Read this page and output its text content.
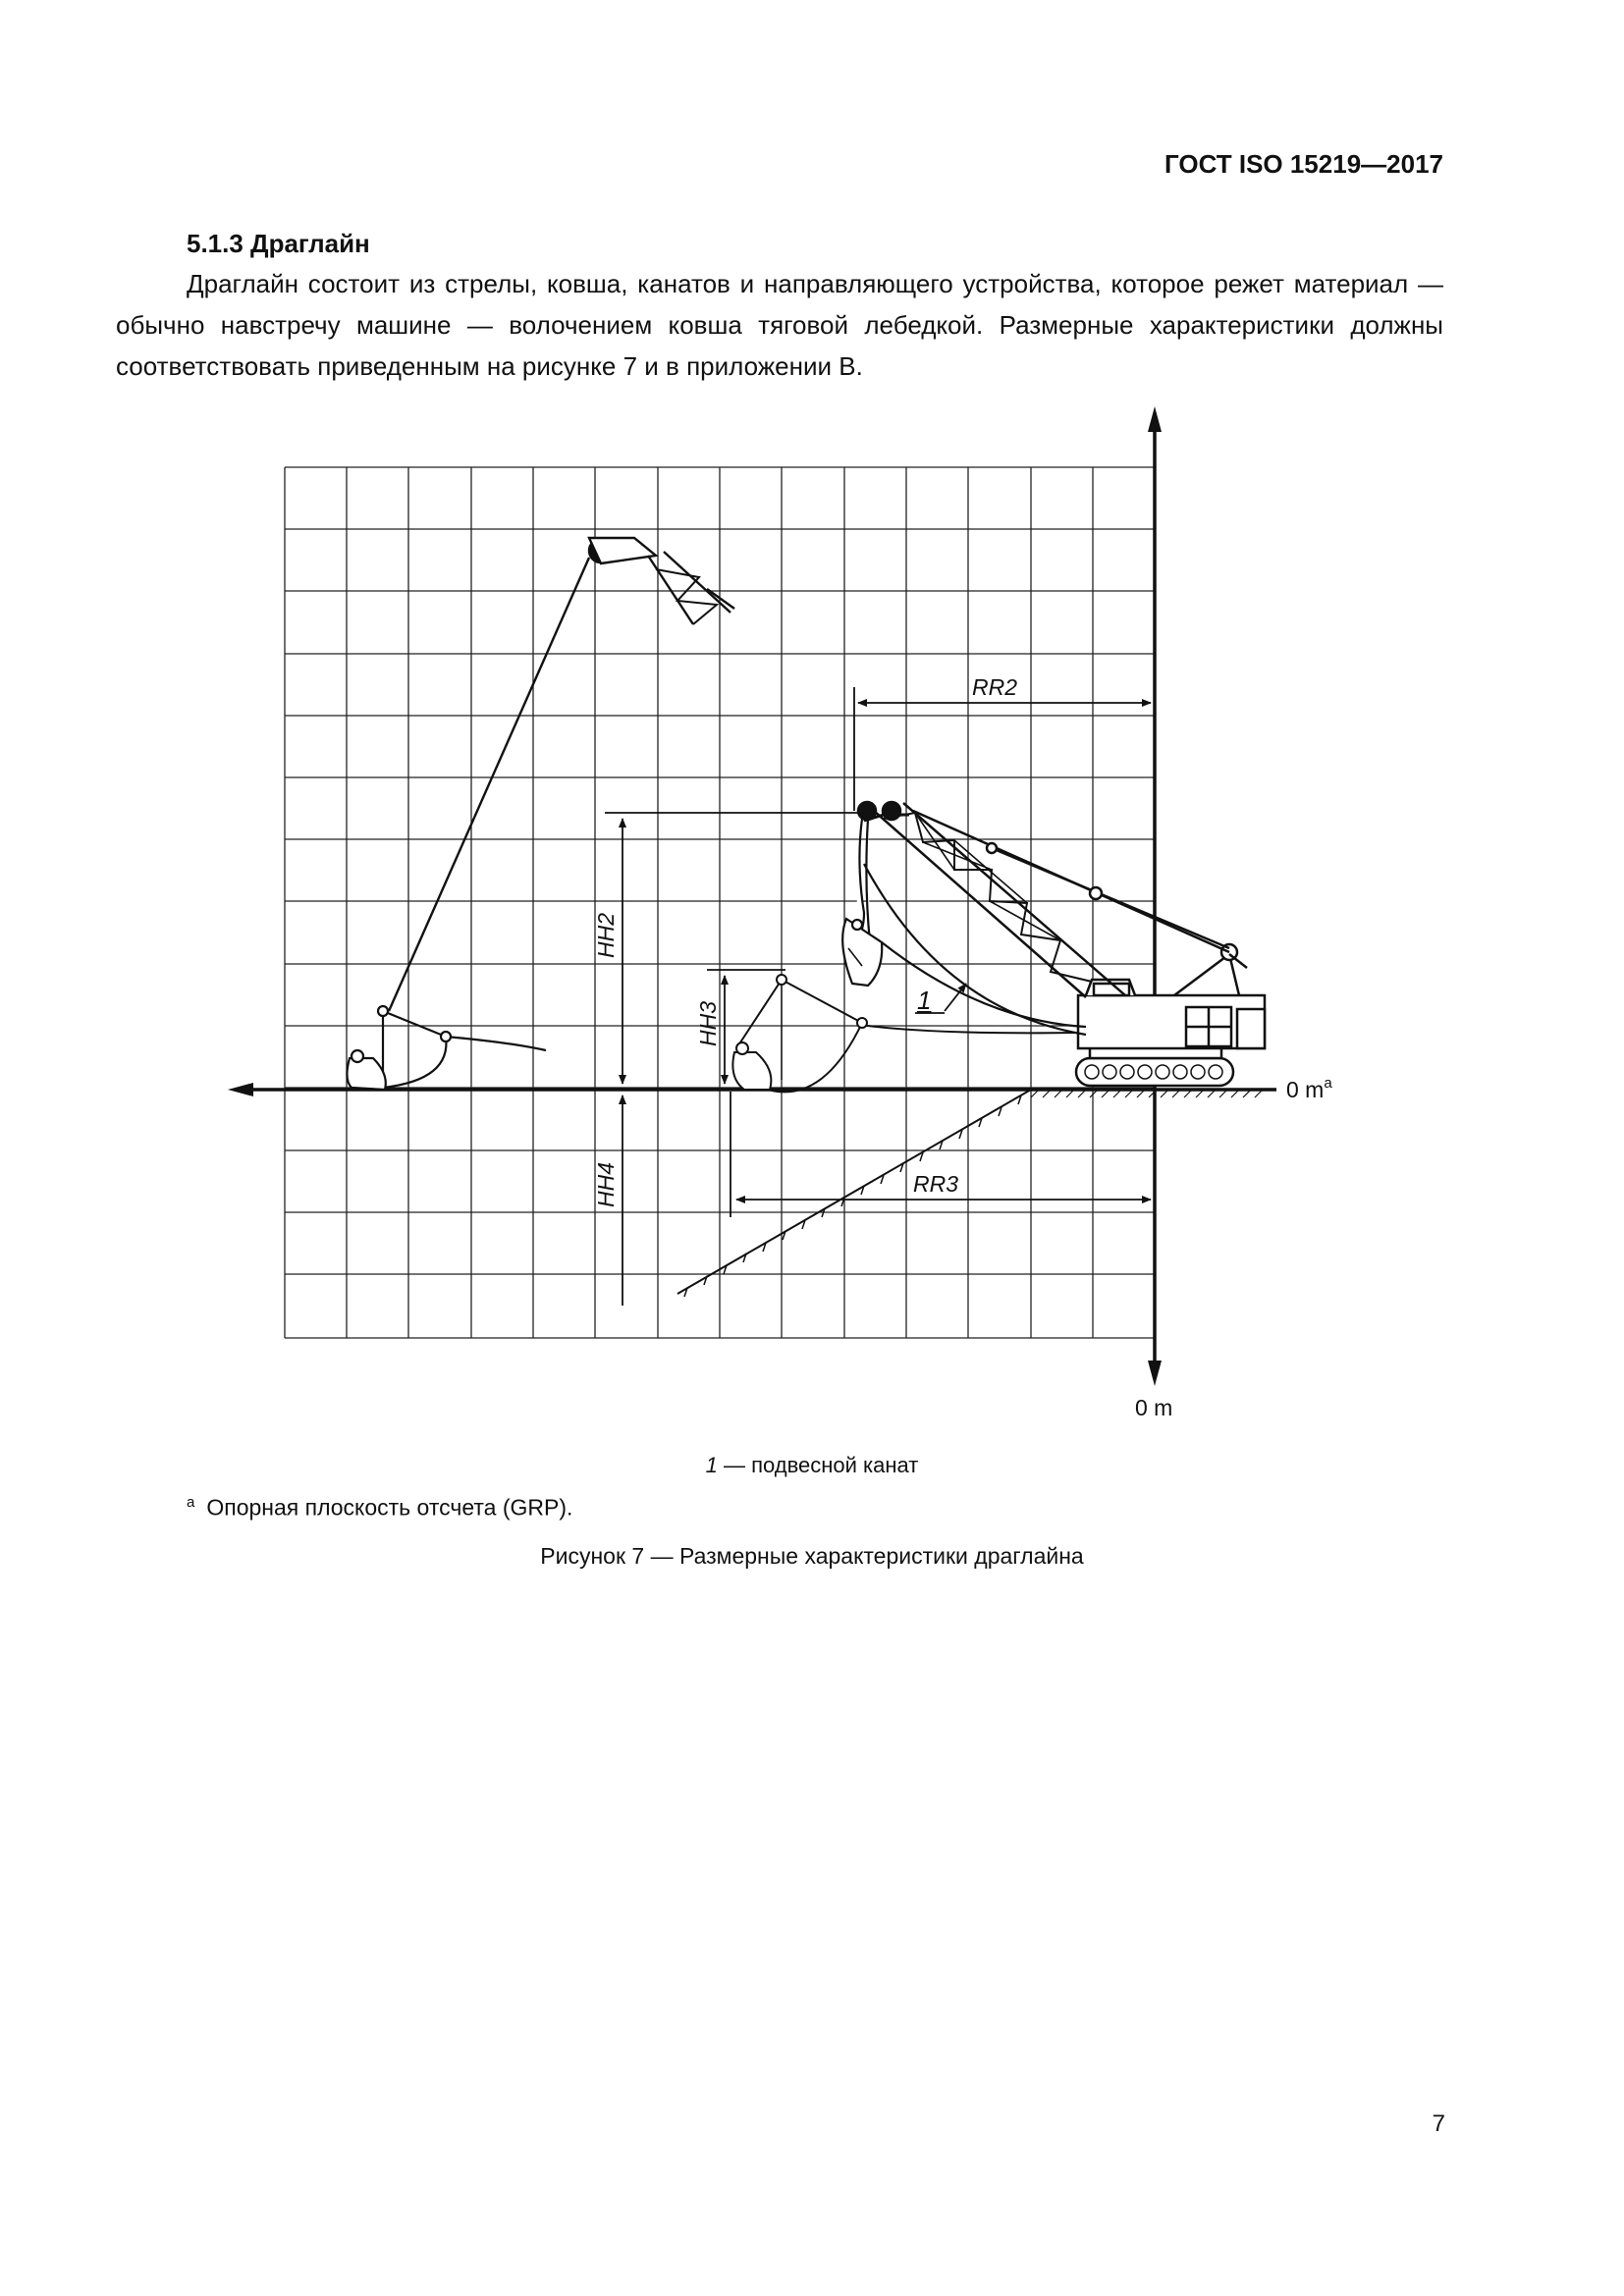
ГОСТ ISO 15219—2017
5.1.3 Драглайн

Драглайн состоит из стрелы, ковша, канатов и направляющего устройства, которое режет материал — обычно навстречу машине — волочением ковша тяговой лебедкой. Размерные характеристики должны соответствовать приведенным на рисунке 7 и в приложении В.

RR2
RR3
HH2
HH3
HH4
1
0 $m^a$
0 m
1 — подвесной канат
$^a$ Опорная плоскость отсчета (GRP).
Рисунок 7 — Размерные характеристики драглайна
7
